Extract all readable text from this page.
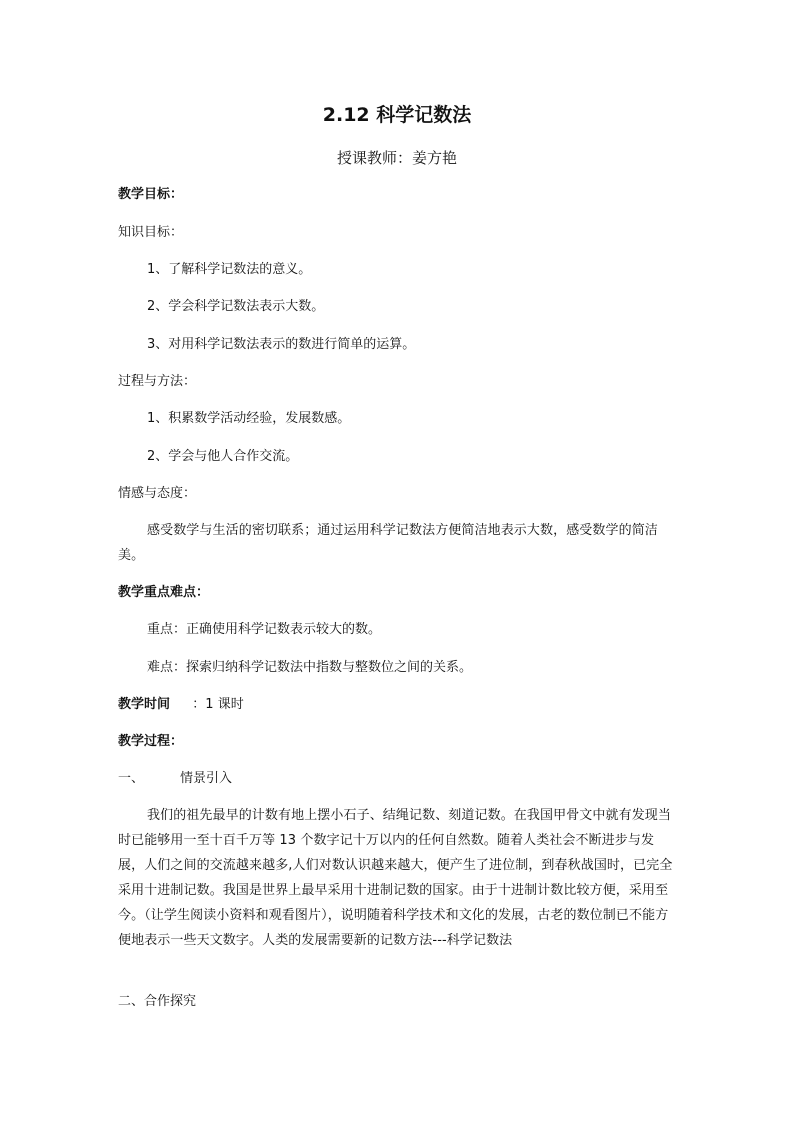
2.12 科学记数法
授课教师：姜方艳
教学目标：
知识目标：
1、了解科学记数法的意义。
2、学会科学记数法表示大数。
3、对用科学记数法表示的数进行简单的运算。
过程与方法：
1、积累数学活动经验，发展数感。
2、学会与他人合作交流。
情感与态度：
感受数学与生活的密切联系；通过运用科学记数法方便简洁地表示大数，感受数学的简洁美。
教学重点难点：
重点：正确使用科学记数表示较大的数。
难点：探索归纳科学记数法中指数与整数位之间的关系。
教学时间 ：1 课时
教学过程：
一、	情景引入
我们的祖先最早的计数有地上摆小石子、结绳记数、刻道记数。在我国甲骨文中就有发现当时已能够用一至十百千万等 13 个数字记十万以内的任何自然数。随着人类社会不断进步与发展，人们之间的交流越来越多,人们对数认识越来越大，便产生了进位制，到春秋战国时，已完全采用十进制记数。我国是世界上最早采用十进制记数的国家。由于十进制计数比较方便，采用至今。（让学生阅读小资料和观看图片），说明随着科学技术和文化的发展，古老的数位制已不能方便地表示一些天文数字。人类的发展需要新的记数方法---科学记数法
二、合作探究
